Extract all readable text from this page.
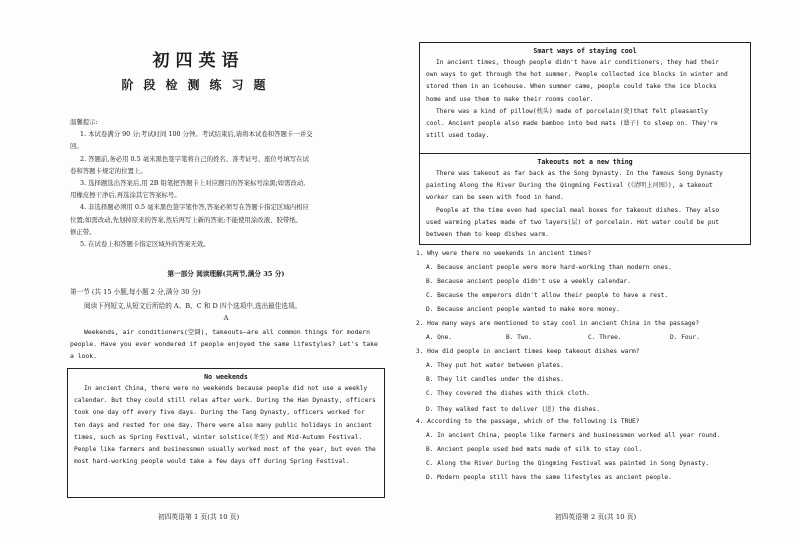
初四英语
阶段检测练习题
温馨提示:
1. 本试卷满分 90 分;考试时间 100 分钟。考试结束后,请将本试卷和答题卡一并交
回。
2. 答题前,务必用 0.5 毫米黑色签字笔将自己的姓名、准考证号、座位号填写在试
卷和答题卡规定的位置上。
3. 选择题选出答案后,用 2B 铅笔把答题卡上对应题目的答案标号涂黑;如需改动,
用橡皮擦干净后,再选涂其它答案标号。
4. 非选择题必须用 0.5 毫米黑色签字笔作答,答案必须写在答题卡指定区域内相应
位置;如需改动,先划掉原来的答案,然后再写上新的答案;不能使用涂改液、胶带纸、
修正带。
5. 在试卷上和答题卡指定区域外的答案无效。
第一部分 阅读理解(共两节,满分 35 分)
第一节 (共 15 小题,每小题 2 分,满分 30 分)
阅读下列短文,从短文后所给的 A、B、C 和 D 四个选项中,选出最佳选项。
A
Weekends, air conditioners(空调), takeouts—are all common things for modern
people. Have you ever wondered if people enjoyed the same lifestyles? Let's take
a look.
No weekends
In ancient China, there were no weekends because people did not use a weekly
calendar. But they could still relax after work. During the Han Dynasty, officers
took one day off every five days. During the Tang Dynasty, officers worked for
ten days and rested for one day. There were also many public holidays in ancient
times, such as Spring Festival, winter solstice(冬至) and Mid-Autumn Festival.
People like farmers and businessmen usually worked most of the year, but even the
most hard-working people would take a few days off during Spring Festival.
初四英语第 1 页(共 10 页)
Smart ways of staying cool
In ancient times, though people didn't have air conditioners, they had their
own ways to get through the hot summer. People collected ice blocks in winter and
stored them in an icehouse. When summer came, people could take the ice blocks
home and use them to make their rooms cooler.
There was a kind of pillow(枕头) made of porcelain(瓷)that felt pleasantly
cool. Ancient people also made bamboo into bed mats (簟子) to sleep on. They're
still used today.
Takeouts not a new thing
There was takeout as far back as the Song Dynasty. In the famous Song Dynasty
painting Along the River During the Qingming Festival (《清明上河图》), a takeout
worker can be seen with food in hand.
People at the time even had special meal boxes for takeout dishes. They also
used warming plates made of two layers(层) of porcelain. Hot water could be put
between them to keep dishes warm.
初四英语第 2 页(共 10 页)
1. Why were there no weekends in ancient times?
A. Because ancient people were more hard-working than modern ones.
B. Because ancient people didn't use a weekly calendar.
C. Because the emperors didn't allow their people to have a rest.
D. Because ancient people wanted to make more money.
2. How many ways are mentioned to stay cool in ancient China in the passage?
A. One.	B. Two.	C. Three.	D. Four.
3. How did people in ancient times keep takeout dishes warm?
A. They put hot water between plates.
B. They lit candles under the dishes.
C. They covered the dishes with thick cloth.
D. They walked fast to deliver (送) the dishes.
4. According to the passage, which of the following is TRUE?
A. In ancient China, people like farmers and businessmen worked all year round.
B. Ancient people used bed mats made of silk to stay cool.
C. Along the River During the Qingming Festival was painted in Song Dynasty.
D. Modern people still have the same lifestyles as ancient people.
